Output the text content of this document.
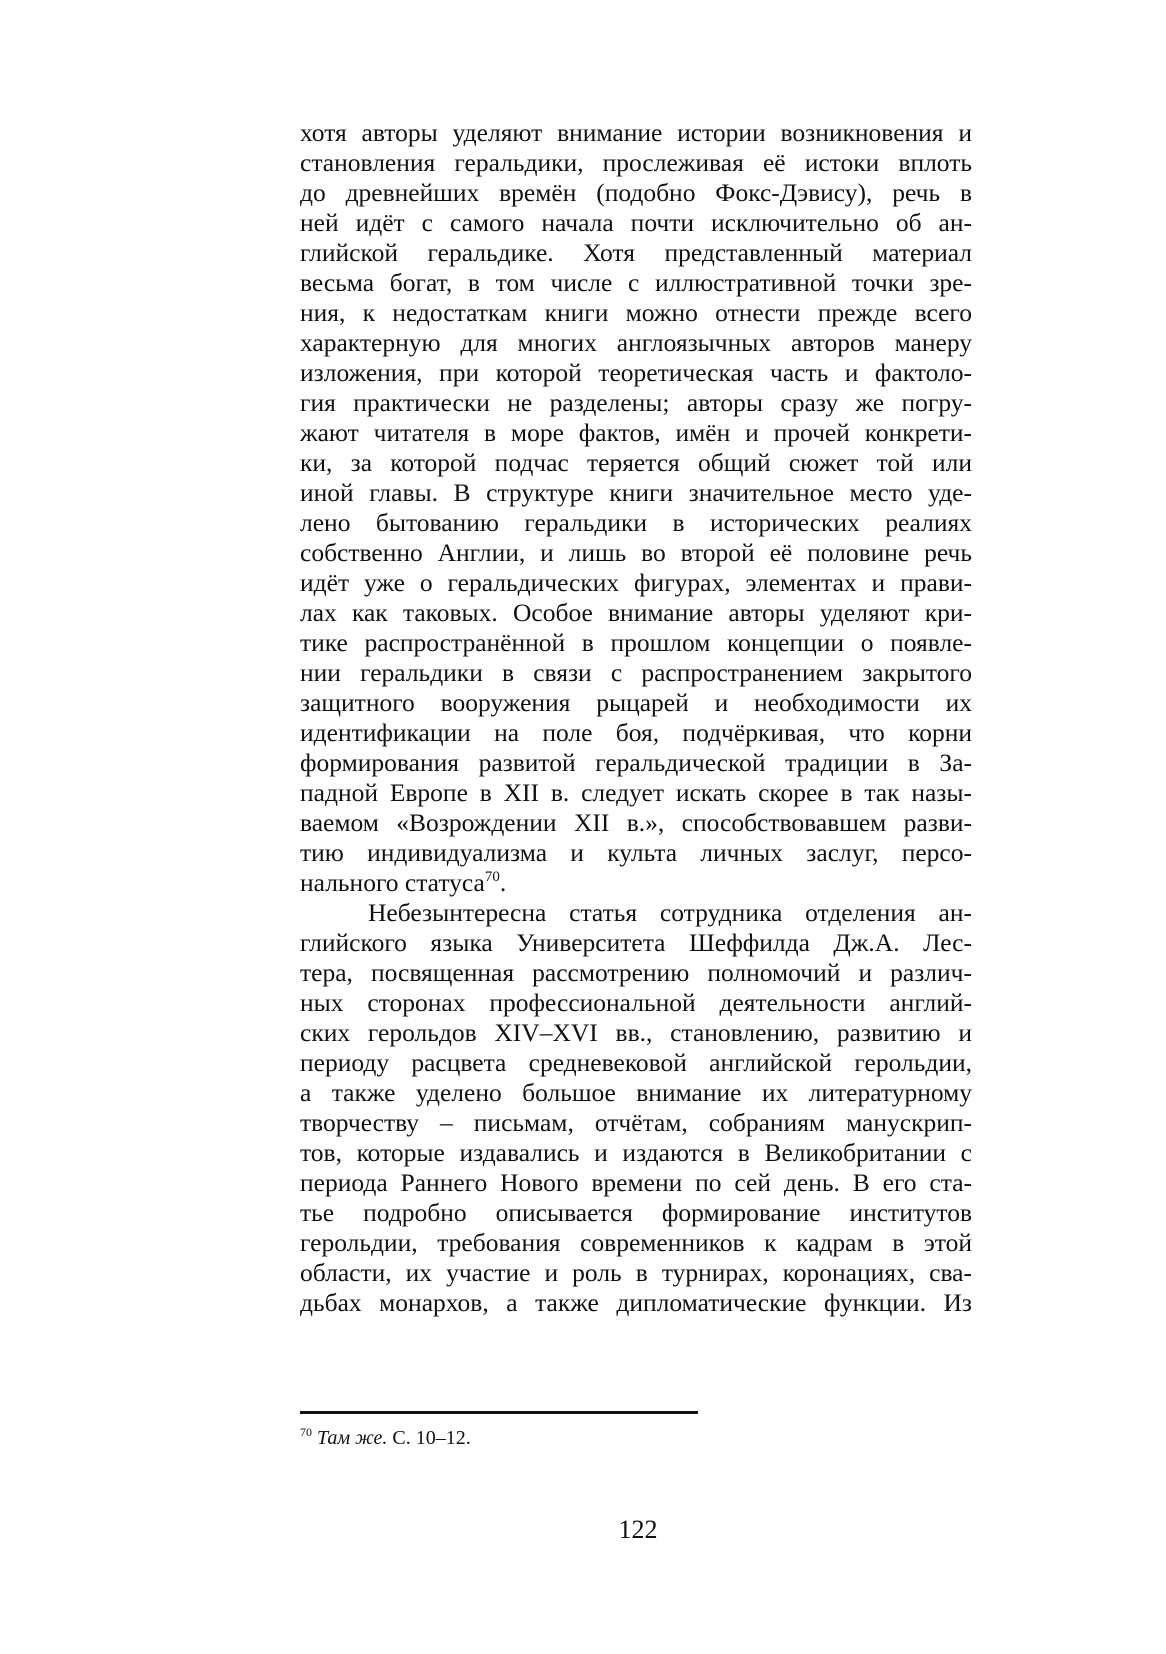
хотя авторы уделяют внимание истории возникновения и
становления геральдики, прослеживая её истоки вплоть
до древнейших времён (подобно Фокс-Дэвису), речь в
ней идёт с самого начала почти исключительно об ан-
глийской геральдике. Хотя представленный материал
весьма богат, в том числе с иллюстративной точки зре-
ния, к недостаткам книги можно отнести прежде всего
характерную для многих англоязычных авторов манеру
изложения, при которой теоретическая часть и фактоло-
гия практически не разделены; авторы сразу же погру-
жают читателя в море фактов, имён и прочей конкрети-
ки, за которой подчас теряется общий сюжет той или
иной главы. В структуре книги значительное место уде-
лено бытованию геральдики в исторических реалиях
собственно Англии, и лишь во второй её половине речь
идёт уже о геральдических фигурах, элементах и прави-
лах как таковых. Особое внимание авторы уделяют кри-
тике распространённой в прошлом концепции о появле-
нии геральдики в связи с распространением закрытого
защитного вооружения рыцарей и необходимости их
идентификации на поле боя, подчёркивая, что корни
формирования развитой геральдической традиции в За-
падной Европе в XII в. следует искать скорее в так назы-
ваемом «Возрождении XII в.», способствовавшем разви-
тию индивидуализма и культа личных заслуг, персо-
нального статуса$^{70}$.
Небезынтересна статья сотрудника отделения ан-
глийского языка Университета Шеффилда Дж.А. Лес-
тера, посвященная рассмотрению полномочий и различ-
ных сторонах профессиональной деятельности англий-
ских герольдов XIV–XVI вв., становлению, развитию и
периоду расцвета средневековой английской герольдии,
а также уделено большое внимание их литературному
творчеству – письмам, отчётам, собраниям манускрип-
тов, которые издавались и издаются в Великобритании с
периода Раннего Нового времени по сей день. В его ста-
тье подробно описывается формирование институтов
герольдии, требования современников к кадрам в этой
области, их участие и роль в турнирах, коронациях, сва-
дьбах монархов, а также дипломатические функции. Из
$^{70}$ Там же. С. 10–12.
122
